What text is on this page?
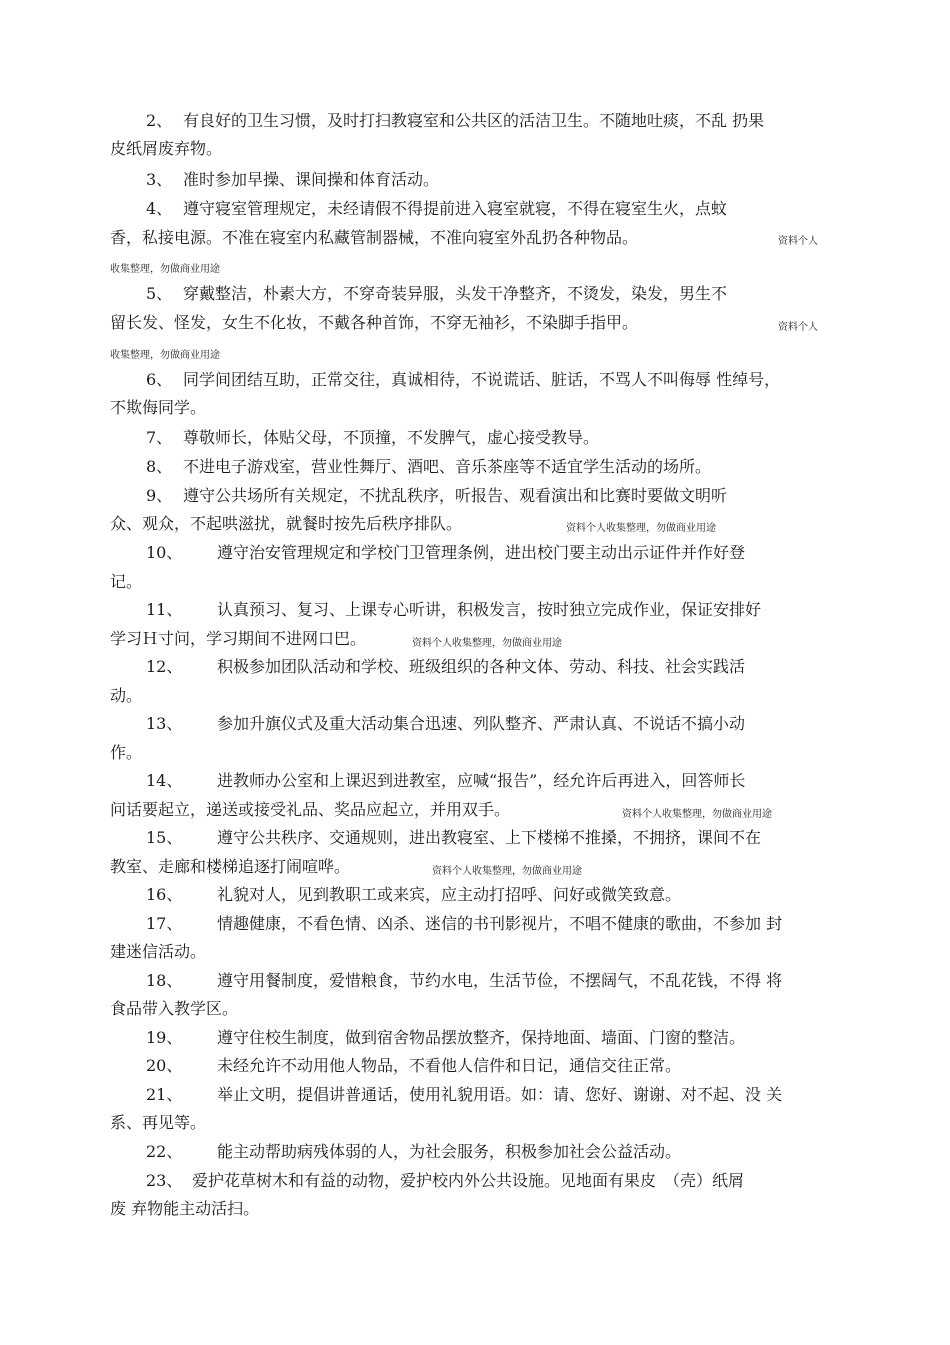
2、 有良好的卫生习惯，及时打扫教寝室和公共区的活洁卫生。不随地吐痰，不乱 扔果
皮纸屑废弃物。
3、 准时参加早操、课间操和体育活动。
4、 遵守寝室管理规定，未经请假不得提前进入寝室就寝，不得在寝室生火，点蚊
香，私接电源。不准在寝室内私藏管制器械，不准向寝室外乱扔各种物品。	资料个人
收集整理，勿做商业用途
5、 穿戴整洁，朴素大方，不穿奇装异服，头发干净整齐，不烫发，染发，男生不
留长发、怪发，女生不化妆，不戴各种首饰，不穿无袖衫，不染脚手指甲。	资料个人
收集整理，勿做商业用途
6、 同学间团结互助，正常交往，真诚相待，不说谎话、脏话，不骂人不叫侮辱 性绰号，
不欺侮同学。
7、 尊敬师长，体贴父母，不顶撞，不发脾气，虚心接受教导。
8、 不进电子游戏室，营业性舞厅、酒吧、音乐茶座等不适宜学生活动的场所。
9、 遵守公共场所有关规定，不扰乱秩序，听报告、观看演出和比赛时要做文明听
众、观众，不起哄滋扰，就餐时按先后秩序排队。	资料个人收集整理，勿做商业用途
10、 遵守治安管理规定和学校门卫管理条例，进出校门要主动出示证件并作好登
记。
11、 认真预习、复习、上课专心听讲，积极发言，按时独立完成作业，保证安排好
学习Ｈ寸问，学习期间不进网口巴。	资料个人收集整理，勿做商业用途
12、 积极参加团队活动和学校、班级组织的各种文体、劳动、科技、社会实践活
动。
13、 参加升旗仪式及重大活动集合迅速、列队整齐、严肃认真、不说话不搞小动
作。
14、 进教师办公室和上课迟到进教室，应喊“报告”，经允许后再进入，回答师长
问话要起立，递送或接受礼品、奖品应起立，并用双手。	资料个人收集整理，勿做商业用途
15、 遵守公共秩序、交通规则，进出教寝室、上下楼梯不推搡，不拥挤，课间不在
教室、走廊和楼梯追逐打闹喧哗。	资料个人收集整理，勿做商业用途
16、 礼貌对人，见到教职工或来宾，应主动打招呼、问好或微笑致意。
17、 情趣健康，不看色情、凶杀、迷信的书刊影视片，不唱不健康的歌曲，不参加 封
建迷信活动。
18、 遵守用餐制度，爱惜粮食，节约水电，生活节俭，不摆阔气，不乱花钱，不得 将
食品带入教学区。
19、 遵守住校生制度，做到宿舍物品摆放整齐，保持地面、墙面、门窗的整洁。
20、 未经允许不动用他人物品，不看他人信件和日记，通信交往正常。
21、 举止文明，提倡讲普通话，使用礼貌用语。如：请、您好、谢谢、对不起、没 关
系、再见等。
22、 能主动帮助病残体弱的人，为社会服务，积极参加社会公益活动。
23、 爱护花草树木和有益的动物，爱护校内外公共设施。见地面有果皮　（壳）纸屑
废 弃物能主动活扫。
